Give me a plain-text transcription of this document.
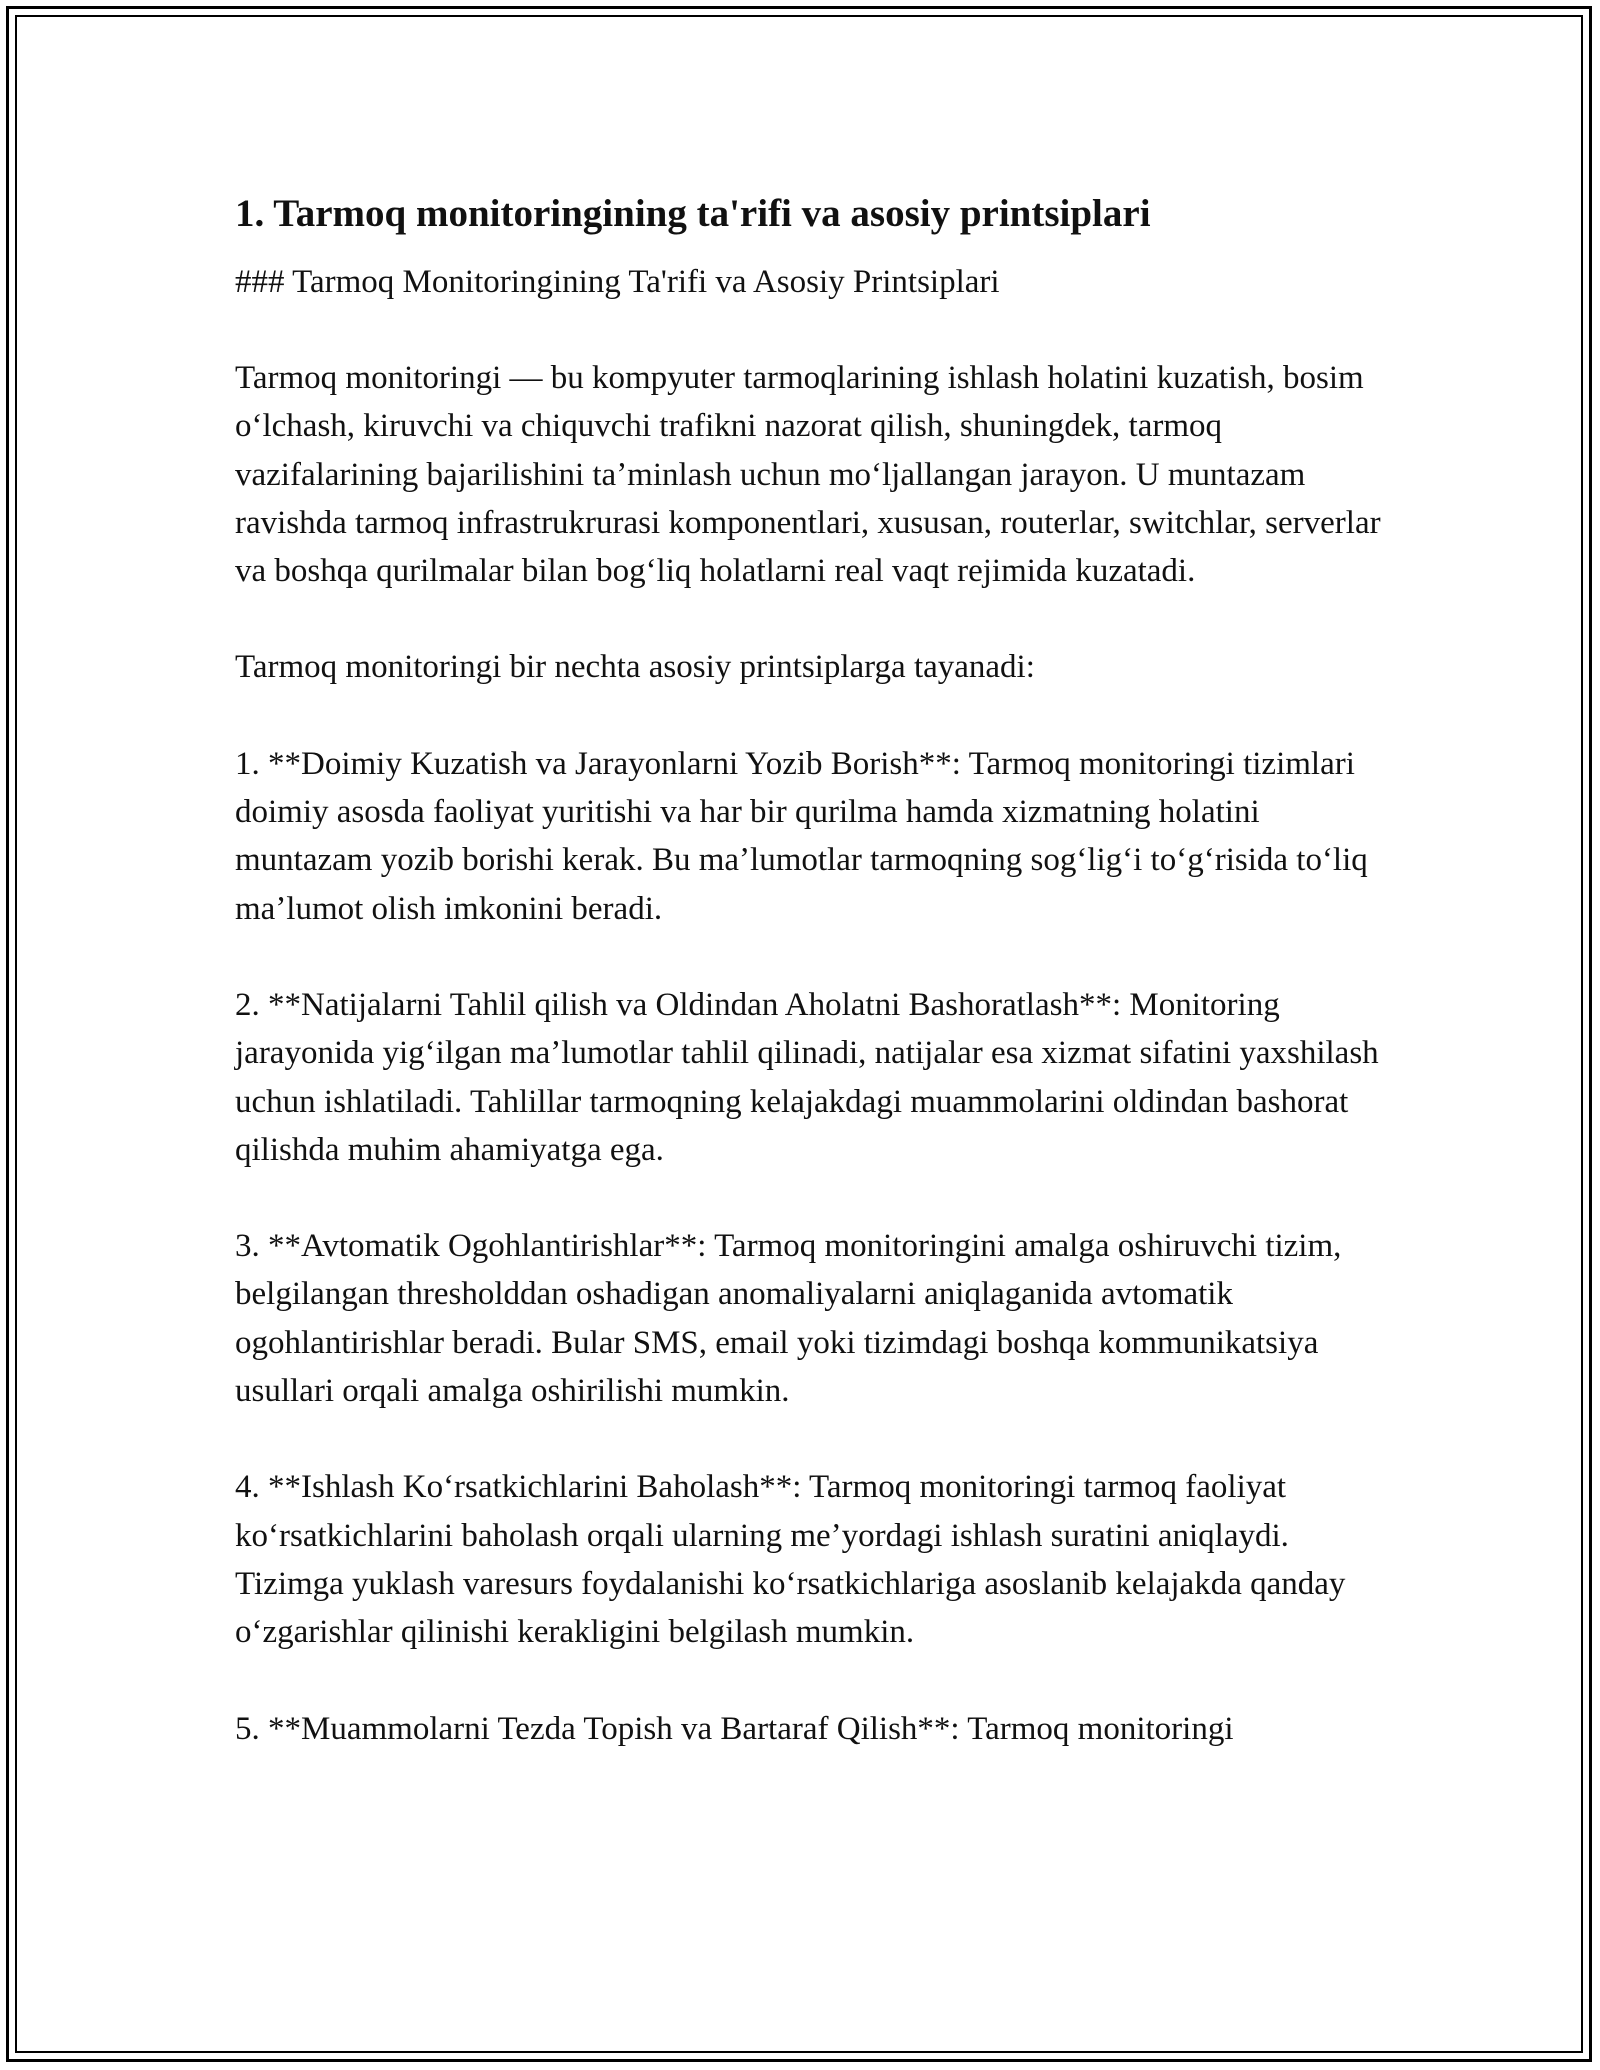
1. Tarmoq monitoringining ta'rifi va asosiy printsiplari

### Tarmoq Monitoringining Ta'rifi va Asosiy Printsiplari

Tarmoq monitoringi — bu kompyuter tarmoqlarining ishlash holatini kuzatish, bosim oʻlchash, kiruvchi va chiquvchi trafikni nazorat qilish, shuningdek, tarmoq vazifalarining bajarilishini taʼminlash uchun moʻljallangan jarayon. U muntazam ravishda tarmoq infrastrukrurasi komponentlari, xususan, routerlar, switchlar, serverlar va boshqa qurilmalar bilan bogʻliq holatlarni real vaqt rejimida kuzatadi.

Tarmoq monitoringi bir nechta asosiy printsiplarga tayanadi:

1. **Doimiy Kuzatish va Jarayonlarni Yozib Borish**: Tarmoq monitoringi tizimlari doimiy asosda faoliyat yuritishi va har bir qurilma hamda xizmatning holatini muntazam yozib borishi kerak. Bu maʼlumotlar tarmoqning sogʻligʻi toʻgʻrisida toʻliq maʼlumot olish imkonini beradi.

2. **Natijalarni Tahlil qilish va Oldindan Aholatni Bashoratlash**: Monitoring jarayonida yigʻilgan maʼlumotlar tahlil qilinadi, natijalar esa xizmat sifatini yaxshilash uchun ishlatiladi. Tahlillar tarmoqning kelajakdagi muammolarini oldindan bashorat qilishda muhim ahamiyatga ega.

3. **Avtomatik Ogohlantirishlar**: Tarmoq monitoringini amalga oshiruvchi tizim, belgilangan thresholddan oshadigan anomaliyalarni aniqlaganida avtomatik ogohlantirishlar beradi. Bular SMS, email yoki tizimdagi boshqa kommunikatsiya usullari orqali amalga oshirilishi mumkin.

4. **Ishlash Koʻrsatkichlarini Baholash**: Tarmoq monitoringi tarmoq faoliyat koʻrsatkichlarini baholash orqali ularning meʼyordagi ishlash suratini aniqlaydi. Tizimga yuklash varesurs foydalanishi koʻrsatkichlariga asoslanib kelajakda qanday oʻzgarishlar qilinishi kerakligini belgilash mumkin.

5. **Muammolarni Tezda Topish va Bartaraf Qilish**: Tarmoq monitoringi
